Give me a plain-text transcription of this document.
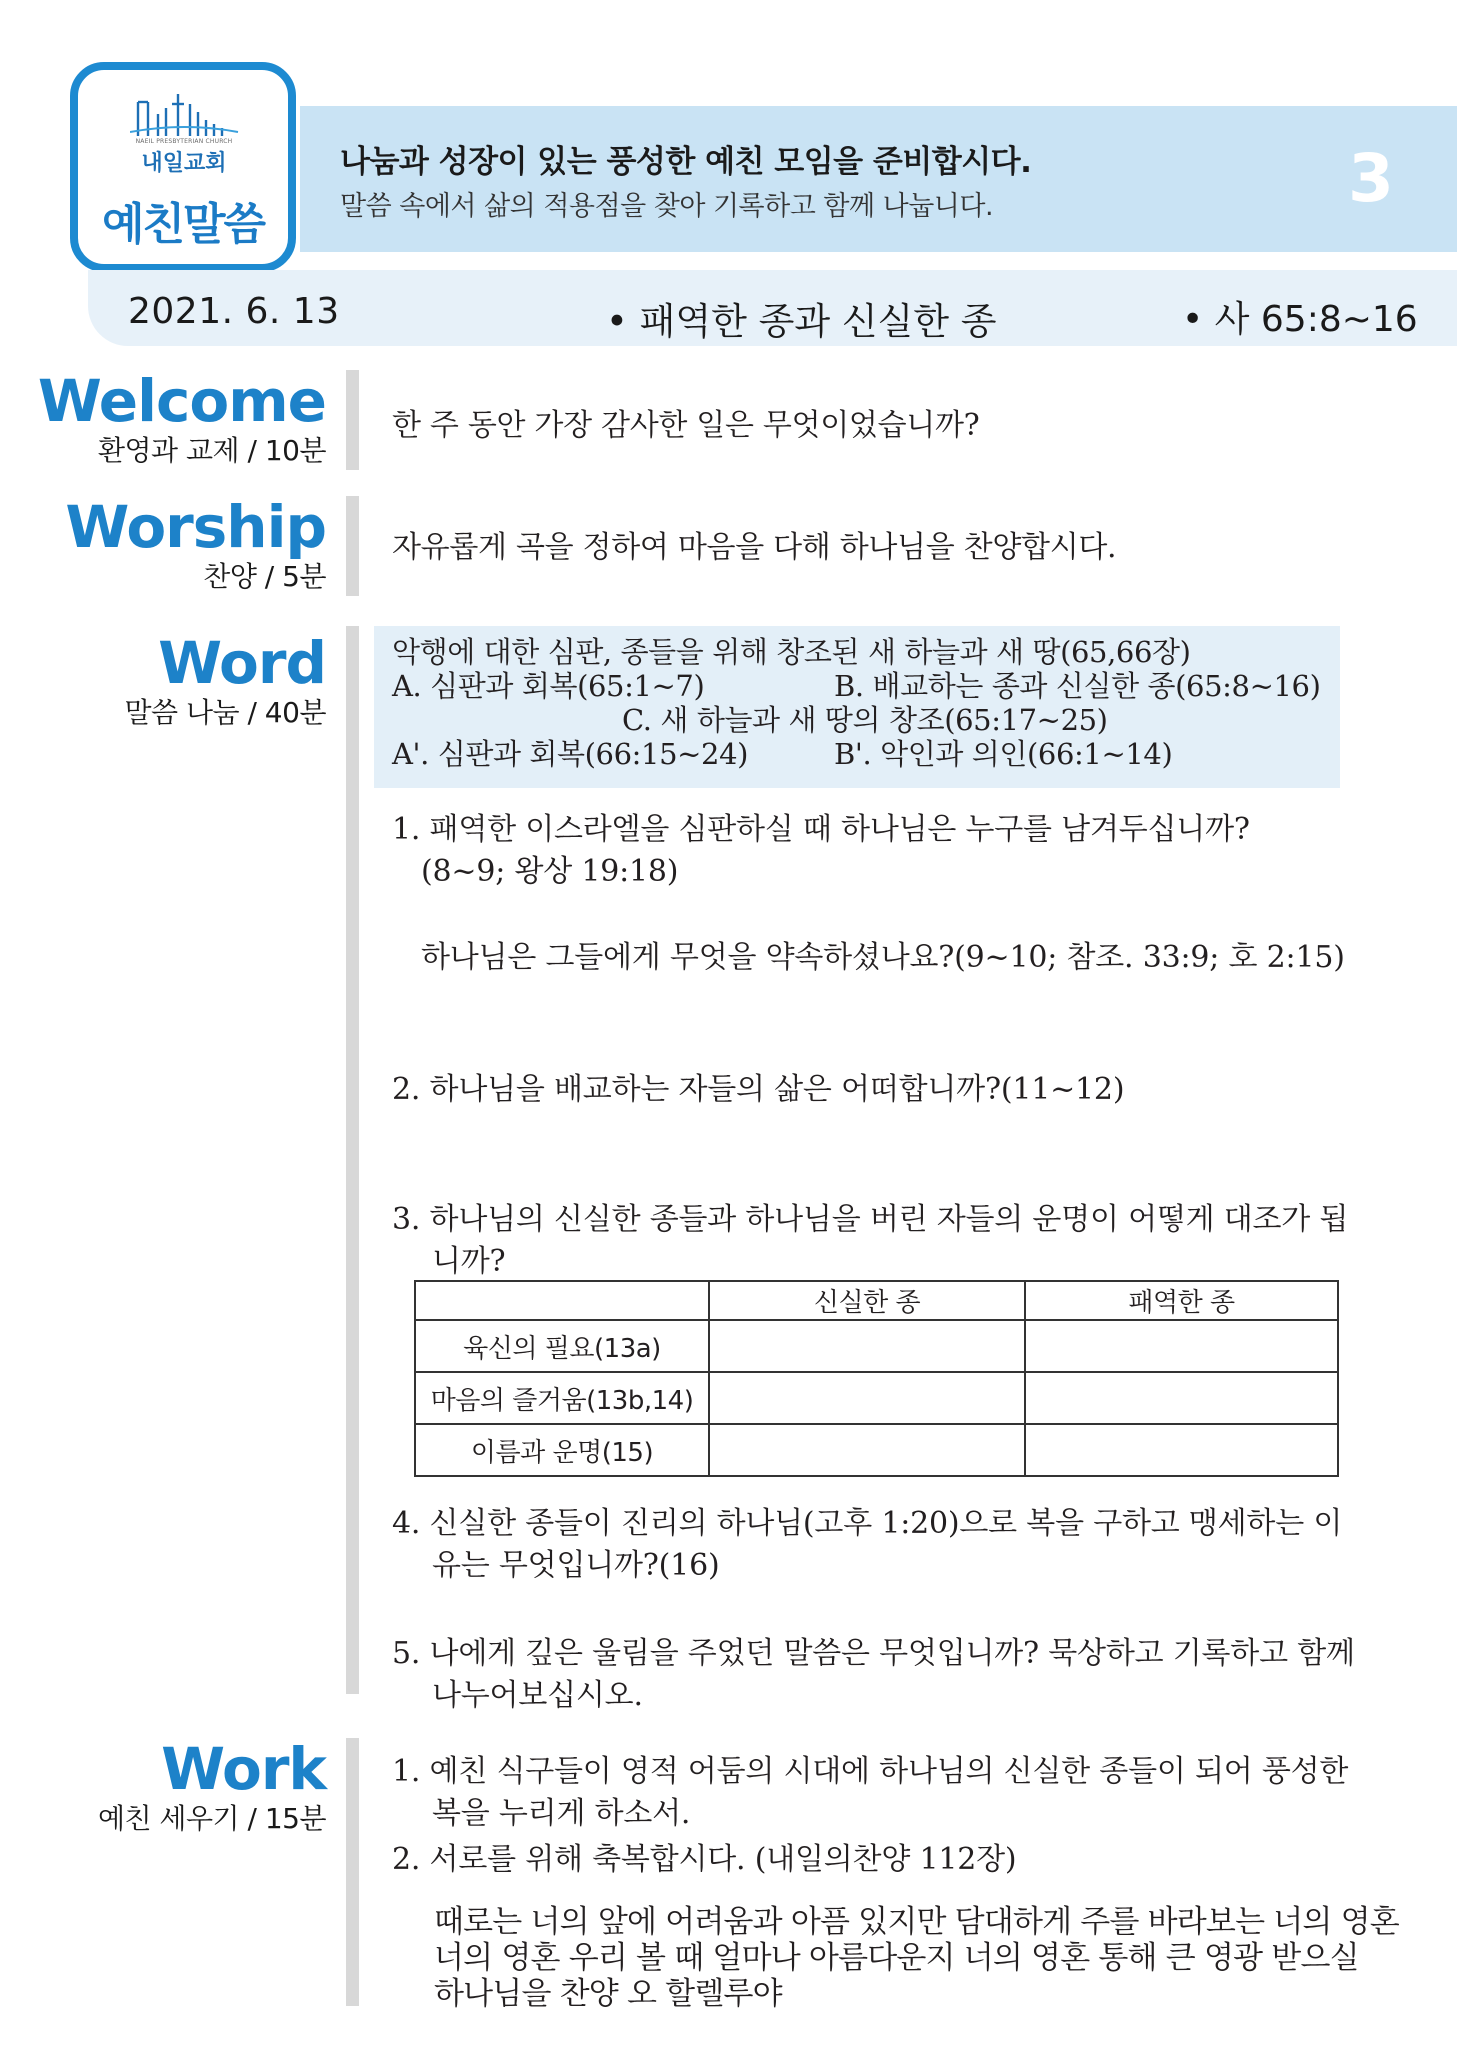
3
나눔과 성장이 있는 풍성한 예친 모임을 준비합시다.
말씀 속에서 삶의 적용점을 찾아 기록하고 함께 나눕니다.
NAEIL PRESBYTERIAN CHURCH
내일교회
예친말씀
2021. 6. 13	• 패역한 종과 신실한 종	• 사 65:8~16
Welcome
환영과 교제 / 10분
한 주 동안 가장 감사한 일은 무엇이었습니까?
Worship
찬양 / 5분
자유롭게 곡을 정하여 마음을 다해 하나님을 찬양합시다.
Word
말씀 나눔 / 40분
악행에 대한 심판, 종들을 위해 창조된 새 하늘과 새 땅(65,66장)
A. 심판과 회복(65:1~7)	B. 배교하는 종과 신실한 종(65:8~16)
C. 새 하늘과 새 땅의 창조(65:17~25)
A'. 심판과 회복(66:15~24)	B'. 악인과 의인(66:1~14)
1. 패역한 이스라엘을 심판하실 때 하나님은 누구를 남겨두십니까?
(8~9; 왕상 19:18)
하나님은 그들에게 무엇을 약속하셨나요?(9~10; 참조. 33:9; 호 2:15)
2. 하나님을 배교하는 자들의 삶은 어떠합니까?(11~12)
3. 하나님의 신실한 종들과 하나님을 버린 자들의 운명이 어떻게 대조가 됩
니까?
	신실한 종	패역한 종
육신의 필요(13a)		
마음의 즐거움(13b,14)		
이름과 운명(15)		
4. 신실한 종들이 진리의 하나님(고후 1:20)으로 복을 구하고 맹세하는 이
유는 무엇입니까?(16)
5. 나에게 깊은 울림을 주었던 말씀은 무엇입니까? 묵상하고 기록하고 함께
나누어보십시오.
Work
예친 세우기 / 15분
1. 예친 식구들이 영적 어둠의 시대에 하나님의 신실한 종들이 되어 풍성한
복을 누리게 하소서.
2. 서로를 위해 축복합시다. (내일의찬양 112장)
때로는 너의 앞에 어려움과 아픔 있지만 담대하게 주를 바라보는 너의 영혼
너의 영혼 우리 볼 때 얼마나 아름다운지 너의 영혼 통해 큰 영광 받으실
하나님을 찬양 오 할렐루야
